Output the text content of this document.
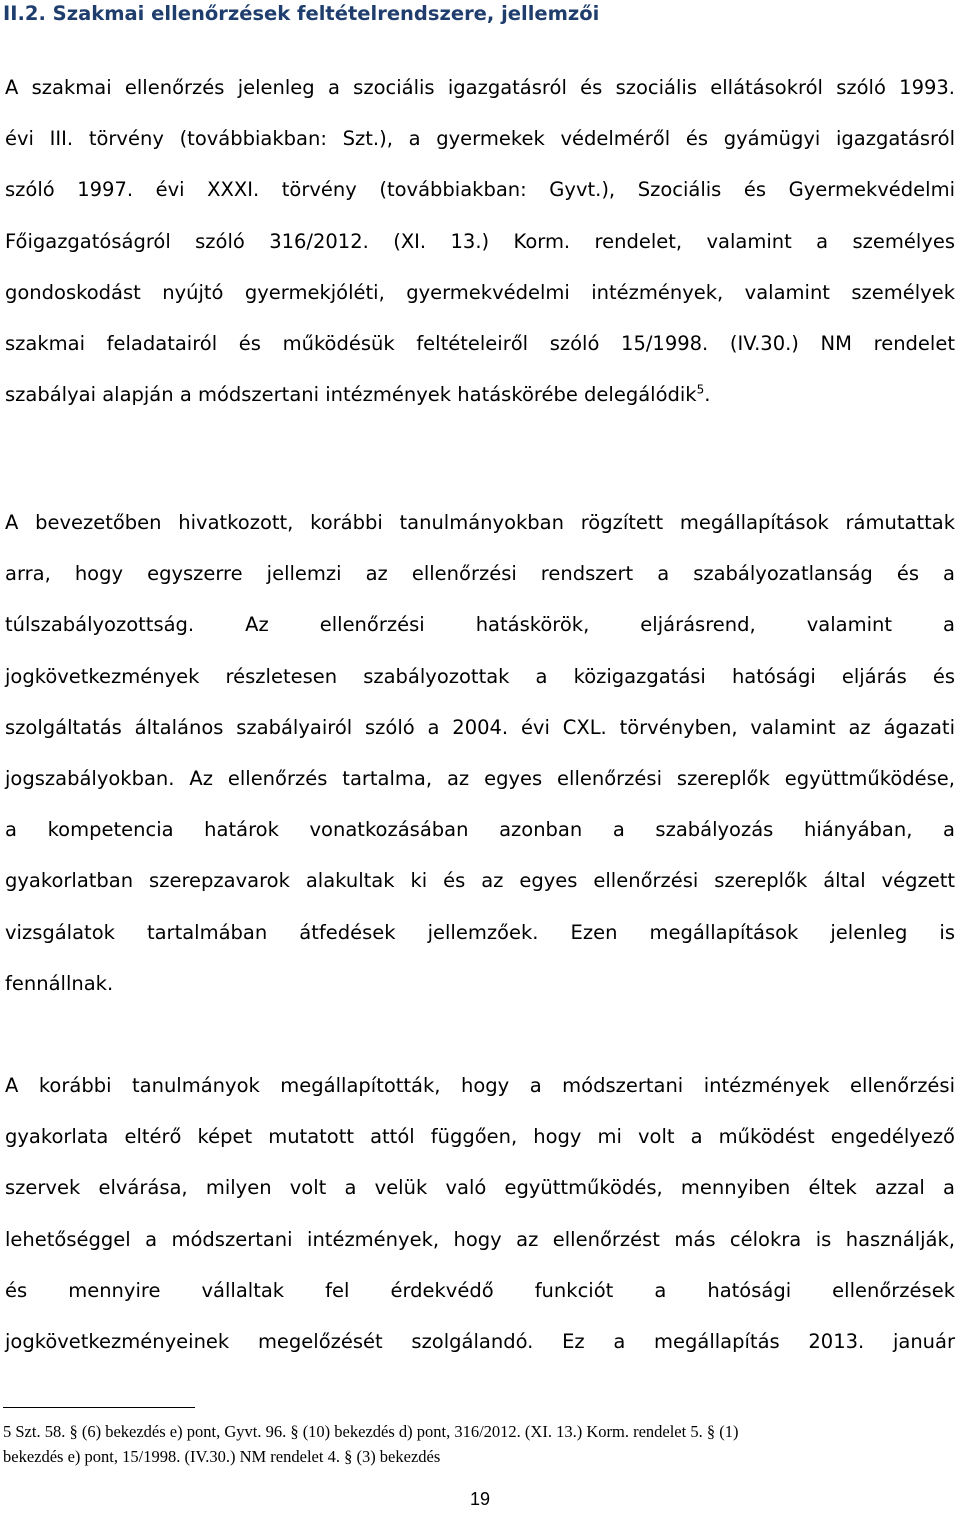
II.2. Szakmai ellenőrzések feltételrendszere, jellemzői
A szakmai ellenőrzés jelenleg a szociális igazgatásról és szociális ellátásokról szóló 1993.
évi III. törvény (továbbiakban: Szt.), a gyermekek védelméről és gyámügyi igazgatásról
szóló 1997. évi XXXI. törvény (továbbiakban: Gyvt.), Szociális és Gyermekvédelmi
Főigazgatóságról szóló 316/2012. (XI. 13.) Korm. rendelet, valamint a személyes
gondoskodást nyújtó gyermekjóléti, gyermekvédelmi intézmények, valamint személyek
szakmai feladatairól és működésük feltételeiről szóló 15/1998. (IV.30.) NM rendelet
szabályai alapján a módszertani intézmények hatáskörébe delegálódik$^5$.
A bevezetőben hivatkozott, korábbi tanulmányokban rögzített megállapítások rámutattak
arra, hogy egyszerre jellemzi az ellenőrzési rendszert a szabályozatlanság és a
túlszabályozottság. Az ellenőrzési hatáskörök, eljárásrend, valamint a
jogkövetkezmények részletesen szabályozottak a közigazgatási hatósági eljárás és
szolgáltatás általános szabályairól szóló a 2004. évi CXL. törvényben, valamint az ágazati
jogszabályokban. Az ellenőrzés tartalma, az egyes ellenőrzési szereplők együttműködése,
a kompetencia határok vonatkozásában azonban a szabályozás hiányában, a
gyakorlatban szerepzavarok alakultak ki és az egyes ellenőrzési szereplők által végzett
vizsgálatok tartalmában átfedések jellemzőek. Ezen megállapítások jelenleg is
fennállnak.
A korábbi tanulmányok megállapították, hogy a módszertani intézmények ellenőrzési
gyakorlata eltérő képet mutatott attól függően, hogy mi volt a működést engedélyező
szervek elvárása, milyen volt a velük való együttműködés, mennyiben éltek azzal a
lehetőséggel a módszertani intézmények, hogy az ellenőrzést más célokra is használják,
és mennyire vállaltak fel érdekvédő funkciót a hatósági ellenőrzések
jogkövetkezményeinek megelőzését szolgálandó. Ez a megállapítás 2013. január
5 Szt. 58. § (6) bekezdés e) pont, Gyvt. 96. § (10) bekezdés d) pont, 316/2012. (XI. 13.) Korm. rendelet 5. § (1)
bekezdés e) pont, 15/1998. (IV.30.) NM rendelet 4. § (3) bekezdés
19
